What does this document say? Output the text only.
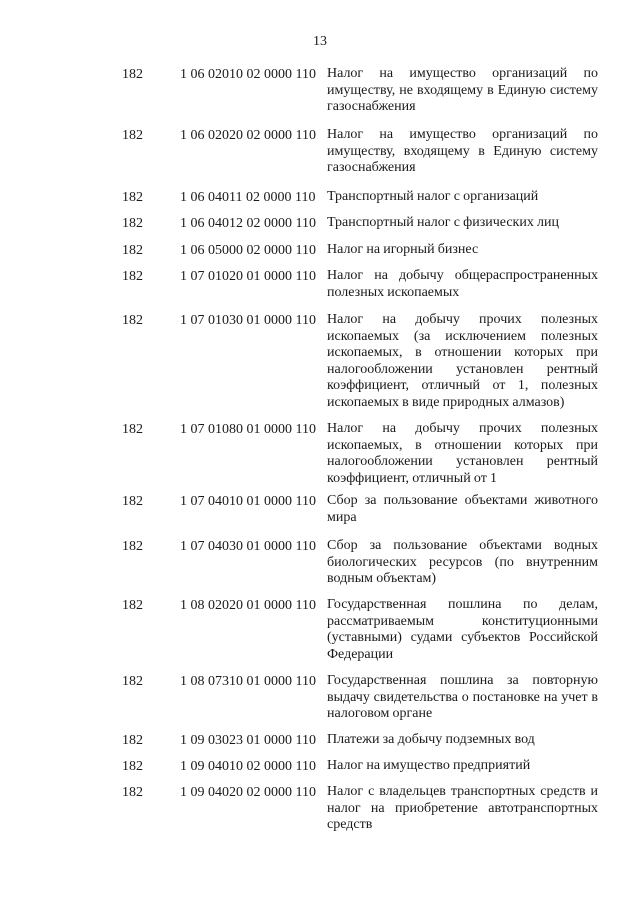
13
182	1 06 02010 02 0000 110 Налог на имущество организаций по имуществу, не входящему в Единую систему газоснабжения
182	1 06 02020 02 0000 110 Налог на имущество организаций по имуществу, входящему в Единую систему газоснабжения
182	1 06 04011 02 0000 110 Транспортный налог с организаций
182	1 06 04012 02 0000 110 Транспортный налог с физических лиц
182	1 06 05000 02 0000 110 Налог на игорный бизнес
182	1 07 01020 01 0000 110 Налог на добычу общераспространенных полезных ископаемых
182	1 07 01030 01 0000 110 Налог на добычу прочих полезных ископаемых (за исключением полезных ископаемых, в отношении которых при налогообложении установлен рентный коэффициент, отличный от 1, полезных ископаемых в виде природных алмазов)
182	1 07 01080 01 0000 110 Налог на добычу прочих полезных ископаемых, в отношении которых при налогообложении установлен рентный коэффициент, отличный от 1
182	1 07 04010 01 0000 110 Сбор за пользование объектами животного мира
182	1 07 04030 01 0000 110 Сбор за пользование объектами водных биологических ресурсов (по внутренним водным объектам)
182	1 08 02020 01 0000 110 Государственная пошлина по делам, рассматриваемым конституционными (уставными) судами субъектов Российской Федерации
182	1 08 07310 01 0000 110 Государственная пошлина за повторную выдачу свидетельства о постановке на учет в налоговом органе
182	1 09 03023 01 0000 110 Платежи за добычу подземных вод
182	1 09 04010 02 0000 110 Налог на имущество предприятий
182	1 09 04020 02 0000 110 Налог с владельцев транспортных средств и налог на приобретение автотранспортных средств
